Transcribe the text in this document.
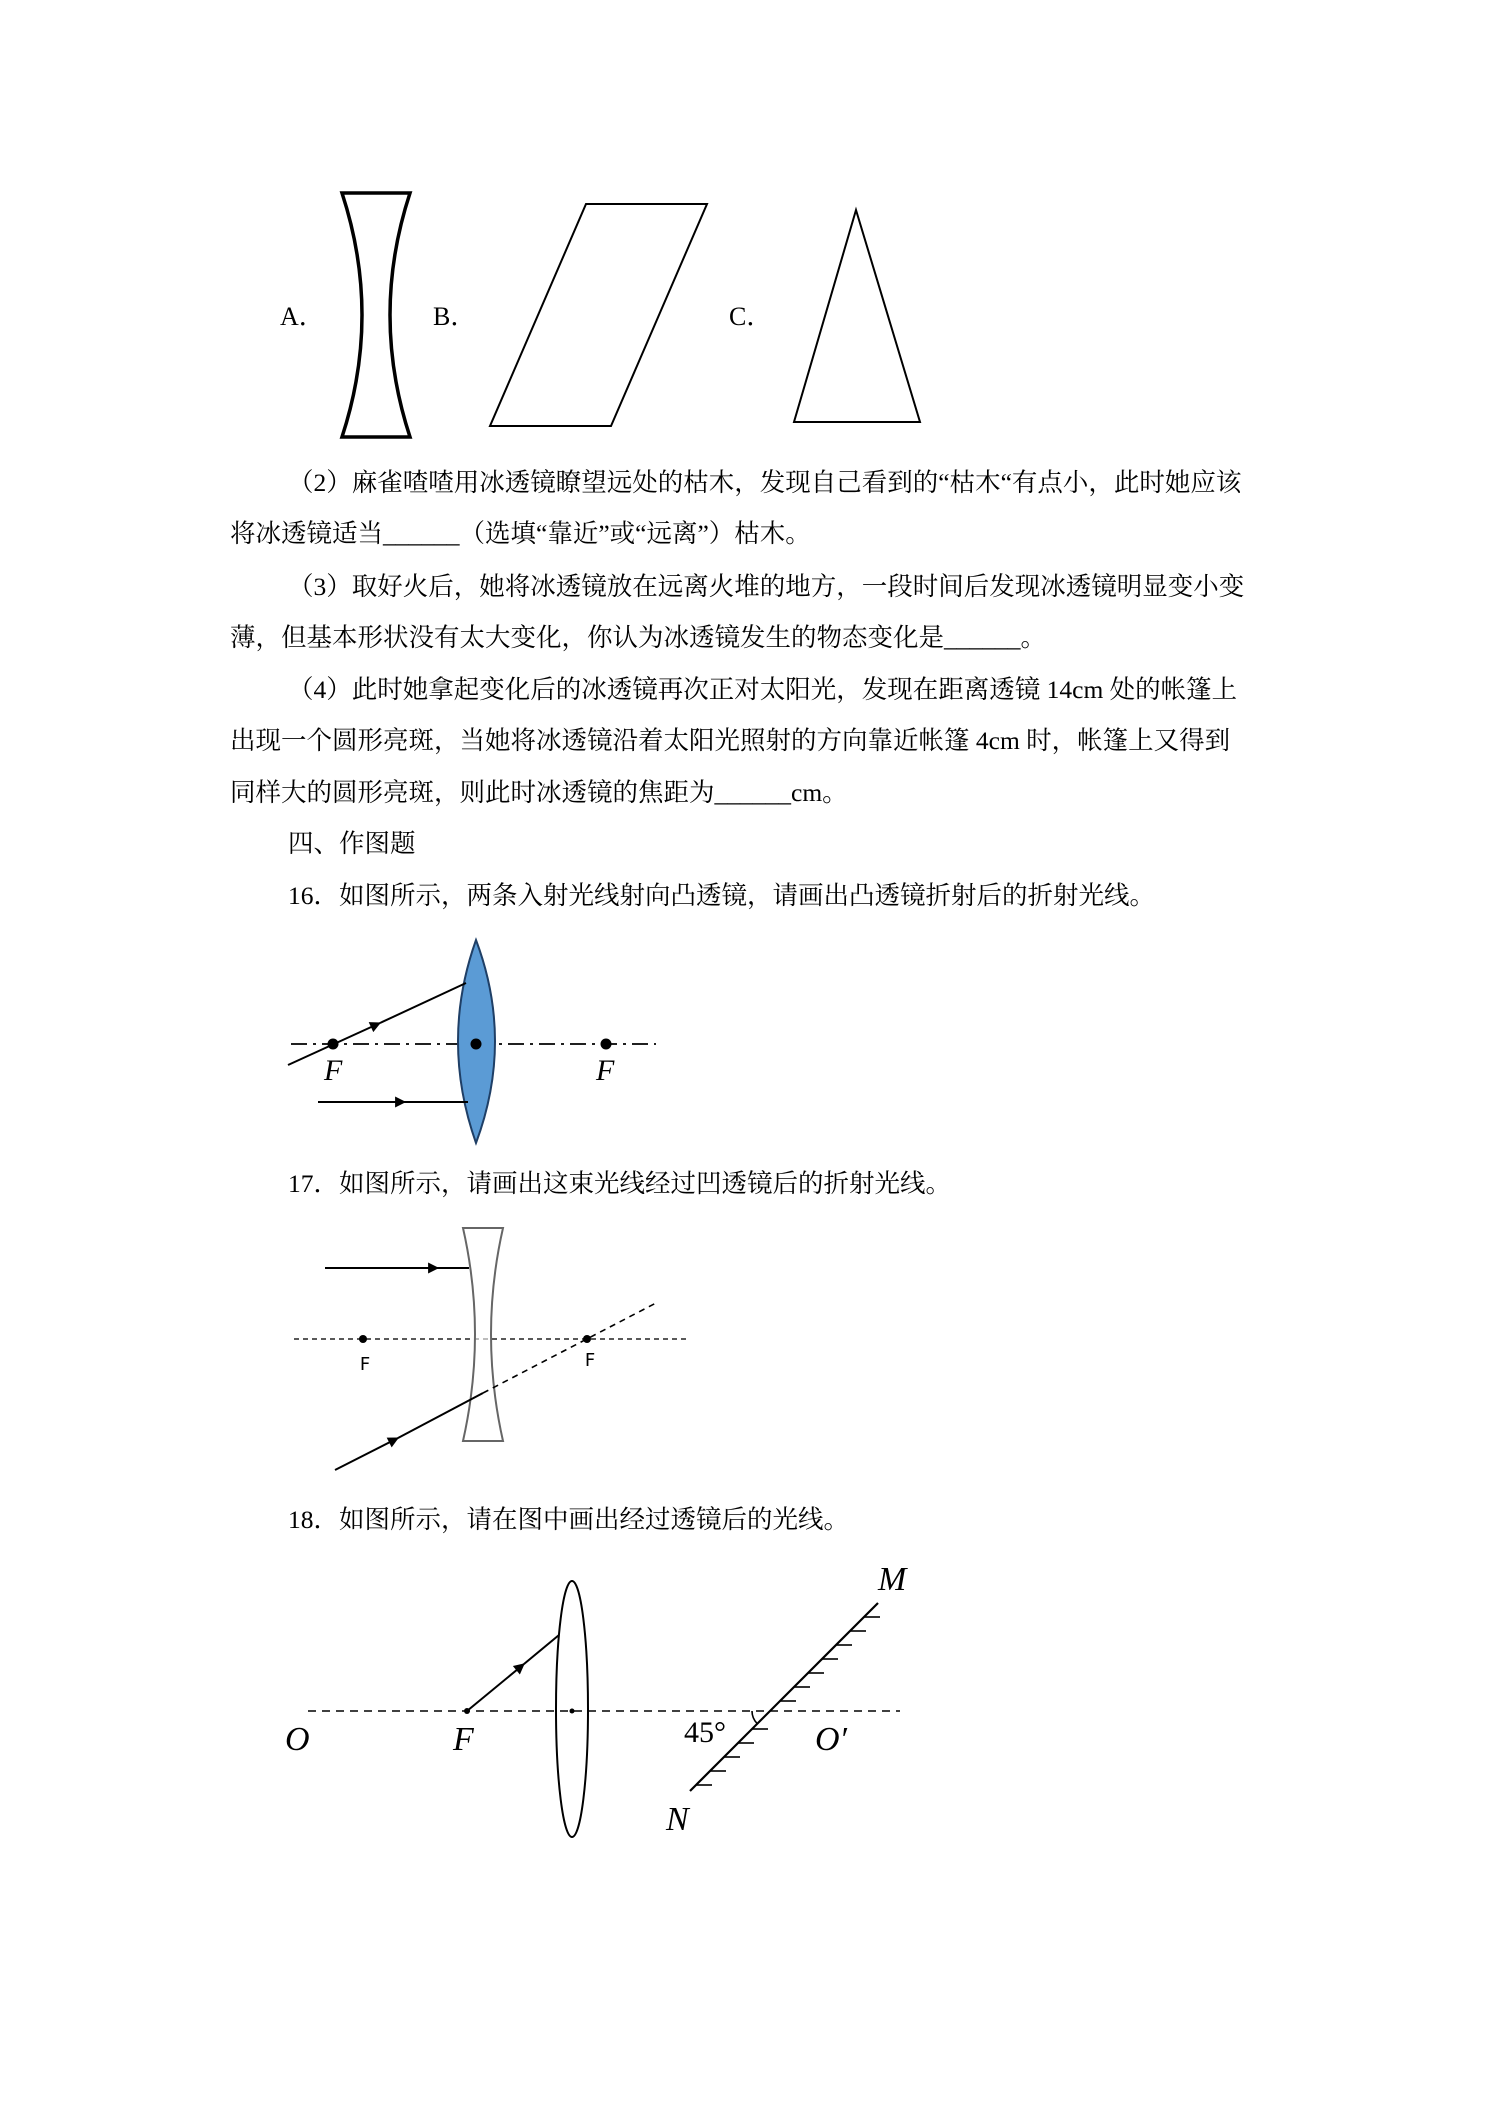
A．	B．	C．
（2）麻雀喳喳用冰透镜瞭望远处的枯木，发现自己看到的“枯木“有点小，此时她应该
将冰透镜适当______（选填“靠近”或“远离”）枯木。
（3）取好火后，她将冰透镜放在远离火堆的地方，一段时间后发现冰透镜明显变小变
薄，但基本形状没有太大变化，你认为冰透镜发生的物态变化是______。
（4）此时她拿起变化后的冰透镜再次正对太阳光，发现在距离透镜 14cm 处的帐篷上
出现一个圆形亮斑，当她将冰透镜沿着太阳光照射的方向靠近帐篷 4cm 时，帐篷上又得到
同样大的圆形亮斑，则此时冰透镜的焦距为______cm。
四、作图题
16．如图所示，两条入射光线射向凸透镜，请画出凸透镜折射后的折射光线。
17．如图所示，请画出这束光线经过凹透镜后的折射光线。
18．如图所示，请在图中画出经过透镜后的光线。
F	F
F	F
O	F	O′
M
N
45°
